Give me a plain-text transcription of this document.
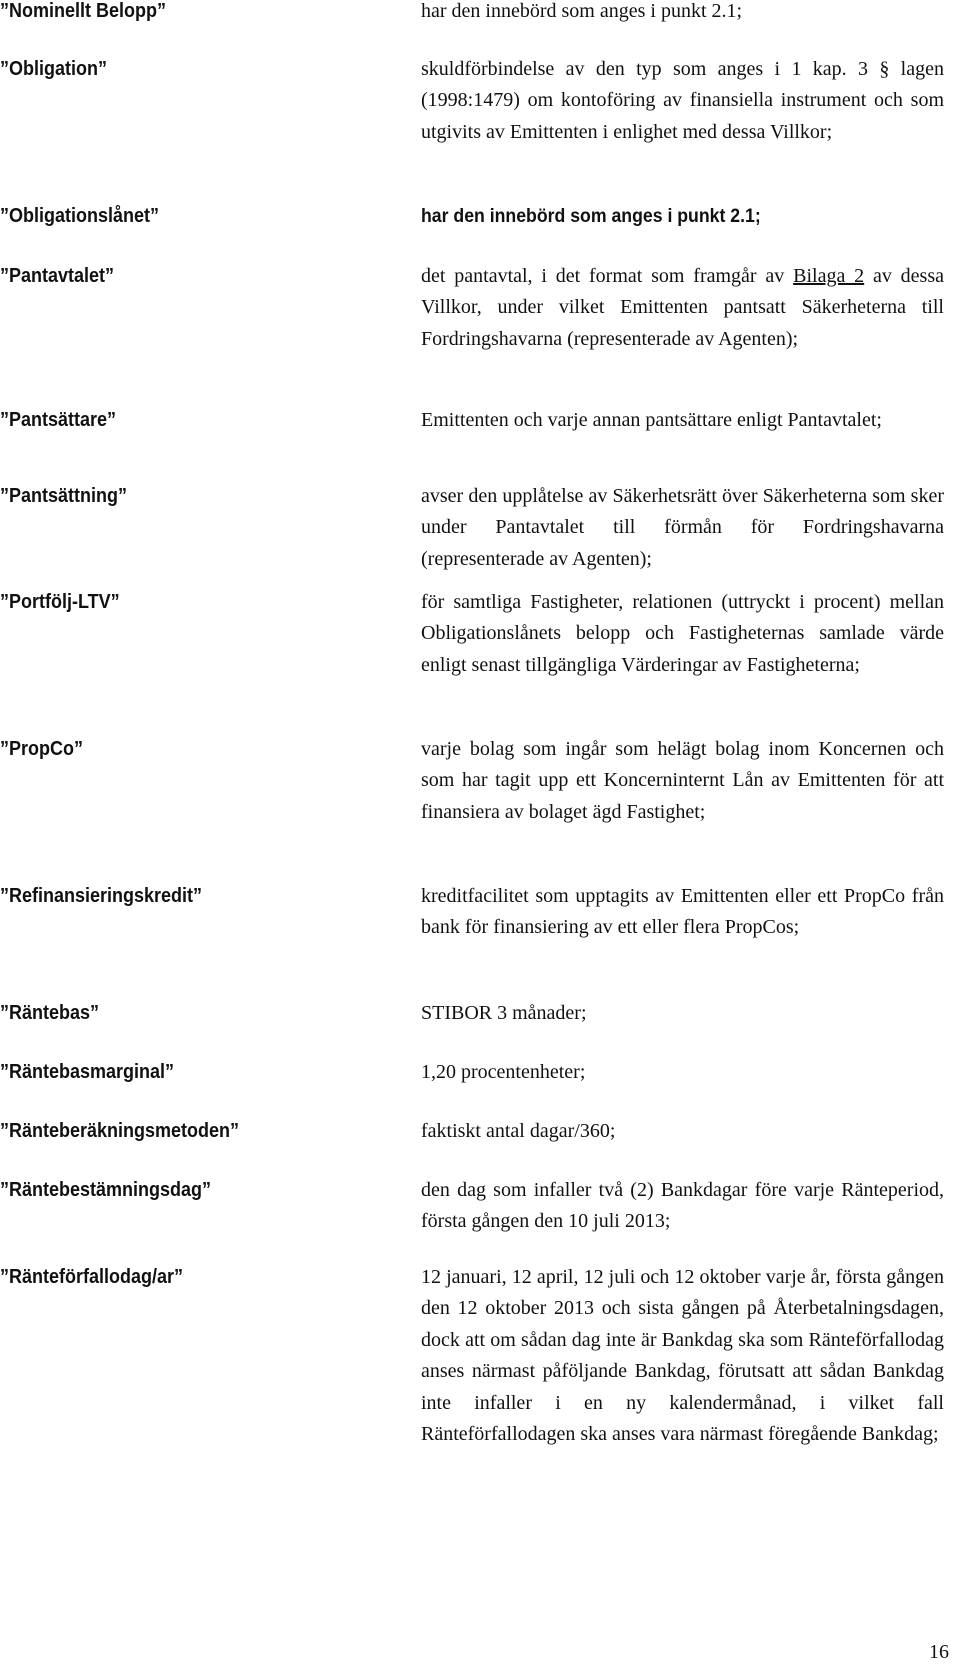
”Nominellt Belopp”	har den innebörd som anges i punkt 2.1;
”Obligation”	skuldförbindelse av den typ som anges i 1 kap. 3 § lagen (1998:1479) om kontoföring av finansiella instrument och som utgivits av Emittenten i enlighet med dessa Villkor;
”Obligationslånet”	har den innebörd som anges i punkt 2.1;
”Pantavtalet”	det pantavtal, i det format som framgår av Bilaga 2 av dessa Villkor, under vilket Emittenten pantsatt Säkerheterna till Fordringshavarna (representerade av Agenten);
”Pantsättare”	Emittenten och varje annan pantsättare enligt Pantavtalet;
”Pantsättning”	avser den upplåtelse av Säkerhetsrätt över Säkerheterna som sker under Pantavtalet till förmån för Fordringshavarna (representerade av Agenten);
”Portfölj-LTV”	för samtliga Fastigheter, relationen (uttryckt i procent) mellan Obligationslånets belopp och Fastigheternas samlade värde enligt senast tillgängliga Värderingar av Fastigheterna;
”PropCo”	varje bolag som ingår som helägt bolag inom Koncernen och som har tagit upp ett Koncerninternt Lån av Emittenten för att finansiera av bolaget ägd Fastighet;
”Refinansieringskredit”	kreditfacilitet som upptagits av Emittenten eller ett PropCo från bank för finansiering av ett eller flera PropCos;
”Räntebas”	STIBOR 3 månader;
”Räntebasmarginal”	1,20 procentenheter;
”Ränteberäkningsmetoden”	faktiskt antal dagar/360;
”Räntebestämningsdag”	den dag som infaller två (2) Bankdagar före varje Ränteperiod, första gången den 10 juli 2013;
”Ränteförfallodag/ar”	12 januari, 12 april, 12 juli och 12 oktober varje år, första gången den 12 oktober 2013 och sista gången på Återbetalningsdagen, dock att om sådan dag inte är Bankdag ska som Ränteförfallodag anses närmast påföljande Bankdag, förutsatt att sådan Bankdag inte infaller i en ny kalendermånad, i vilket fall Ränteförfallodagen ska anses vara närmast föregående Bankdag;
16
